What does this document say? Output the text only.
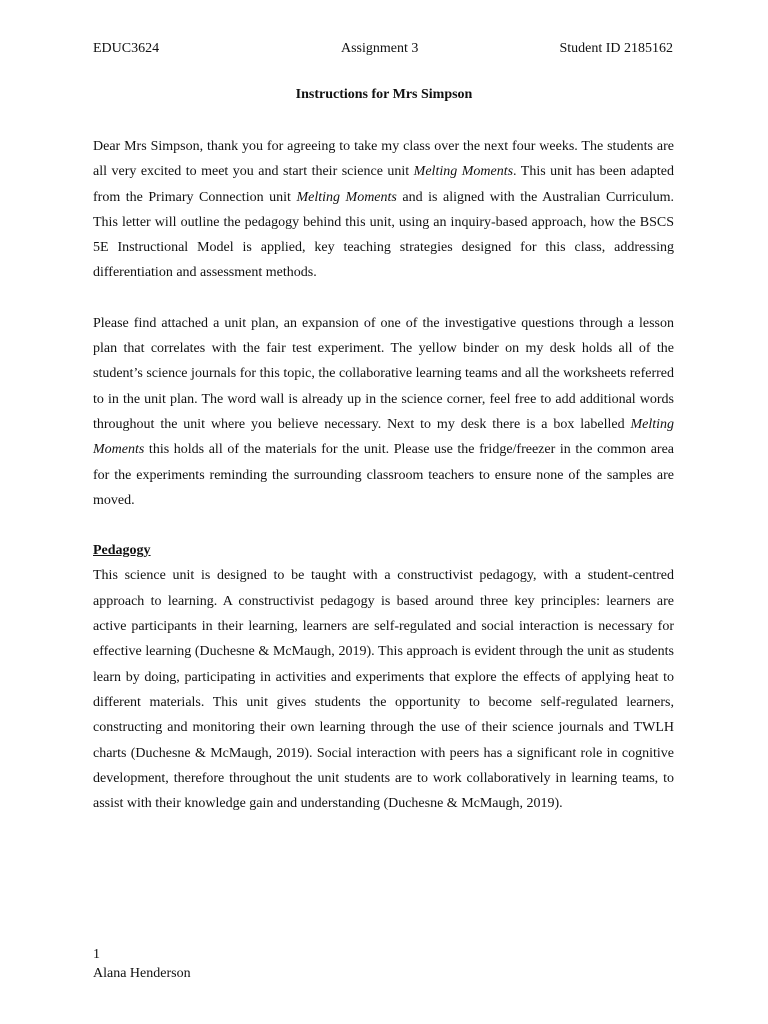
EDUC3624	Assignment 3	Student ID 2185162
Instructions for Mrs Simpson

Dear Mrs Simpson, thank you for agreeing to take my class over the next four weeks. The students are all very excited to meet you and start their science unit Melting Moments. This unit has been adapted from the Primary Connection unit Melting Moments and is aligned with the Australian Curriculum. This letter will outline the pedagogy behind this unit, using an inquiry-based approach, how the BSCS 5E Instructional Model is applied, key teaching strategies designed for this class, addressing differentiation and assessment methods.

Please find attached a unit plan, an expansion of one of the investigative questions through a lesson plan that correlates with the fair test experiment. The yellow binder on my desk holds all of the student’s science journals for this topic, the collaborative learning teams and all the worksheets referred to in the unit plan. The word wall is already up in the science corner, feel free to add additional words throughout the unit where you believe necessary. Next to my desk there is a box labelled Melting Moments this holds all of the materials for the unit. Please use the fridge/freezer in the common area for the experiments reminding the surrounding classroom teachers to ensure none of the samples are moved.

Pedagogy

This science unit is designed to be taught with a constructivist pedagogy, with a student-centred approach to learning. A constructivist pedagogy is based around three key principles: learners are active participants in their learning, learners are self-regulated and social interaction is necessary for effective learning (Duchesne & McMaugh, 2019). This approach is evident through the unit as students learn by doing, participating in activities and experiments that explore the effects of applying heat to different materials. This unit gives students the opportunity to become self-regulated learners, constructing and monitoring their own learning through the use of their science journals and TWLH charts (Duchesne & McMaugh, 2019). Social interaction with peers has a significant role in cognitive development, therefore throughout the unit students are to work collaboratively in learning teams, to assist with their knowledge gain and understanding (Duchesne & McMaugh, 2019).

1
Alana Henderson
